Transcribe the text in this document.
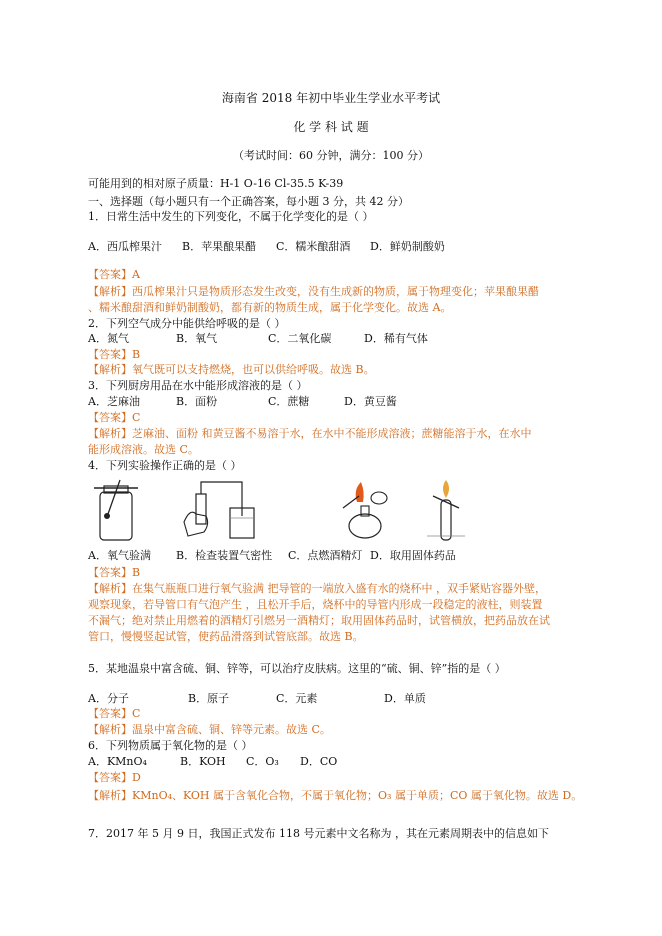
海南省 2018 年初中毕业生学业水平考试
化 学 科 试 题
（考试时间：60 分钟，满分：100 分）
可能用到的相对原子质量：H-1 O-16 Cl-35.5 K-39
一、选择题（每小题只有一个正确答案，每小题 3 分，共 42 分）
1．日常生活中发生的下列变化，不属于化学变化的是（ ）
A．西瓜榨果汁 B．苹果酿果醋 C．糯米酿甜酒 D．鲜奶制酸奶
【答案】A
【解析】西瓜榨果汁只是物质形态发生改变，没有生成新的物质，属于物理变化；苹果酿果醋
、糯米酿甜酒和鲜奶制酸奶，都有新的物质生成，属于化学变化。故选 A。
2．下列空气成分中能供给呼吸的是（ ）
A．氮气	B．氧气	C．二氧化碳	D．稀有气体
【答案】B
【解析】氧气既可以支持燃烧，也可以供给呼吸。故选 B。
3．下列厨房用品在水中能形成溶液的是（ ）
A．芝麻油	B．面粉	C．蔗糖	D．黄豆酱
【答案】C
【解析】芝麻油、面粉 和黄豆酱不易溶于水，在水中不能形成溶液；蔗糖能溶于水，在水中
能形成溶液。故选 C。
4．下列实验操作正确的是（ ）
A．氧气验满 B．检查装置气密性 C．点燃酒精灯 D．取用固体药品
【答案】B
【解析】在集气瓶瓶口进行氧气验满 把导管的一端放入盛有水的烧杯中 ，双手紧贴容器外壁，
观察现象，若导管口有气泡产生 ，且松开手后，烧杯中的导管内形成一段稳定的液柱，则装置
不漏气；绝对禁止用燃着的酒精灯引燃另一酒精灯；取用固体药品时，试管横放，把药品放在试
管口，慢慢竖起试管，使药品滑落到试管底部。故选 B。
5．某地温泉中富含硫、铜、锌等，可以治疗皮肤病。这里的“硫、铜、锌”指的是（ ）
A．分子	B．原子	C．元素	D．单质
【答案】C
【解析】温泉中富含硫、铜、锌等元素。故选 C。
6．下列物质属于氧化物的是（ ）
A．KMnO₄	B．KOH C．O₃ D．CO
【答案】D
【解析】KMnO₄、KOH 属于含氧化合物，不属于氧化物；O₃ 属于单质；CO 属于氧化物。故选 D。
7．2017 年 5 月 9 日，我国正式发布 118 号元素中文名称为 ，其在元素周期表中的信息如下
